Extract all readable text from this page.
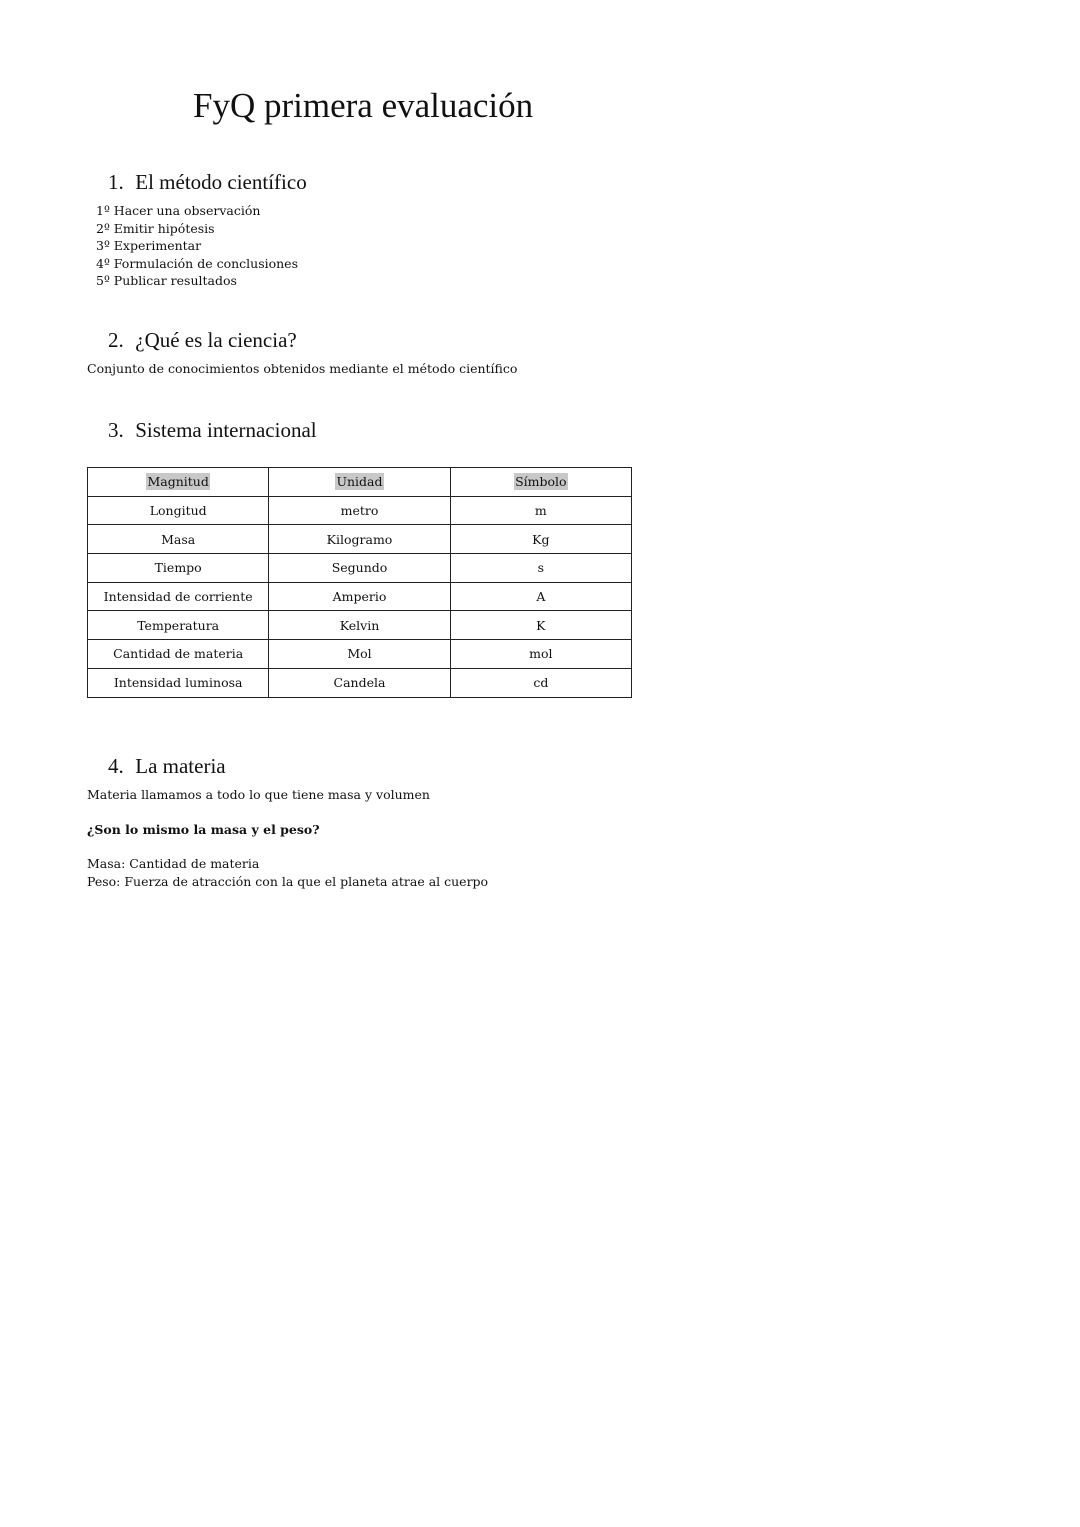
FyQ primera evaluación
1. El método científico
1º Hacer una observación
2º Emitir hipótesis
3º Experimentar
4º Formulación de conclusiones
5º Publicar resultados
2. ¿Qué es la ciencia?

Conjunto de conocimientos obtenidos mediante el método científico

3. Sistema internacional
Magnitud	Unidad	Símbolo
Longitud	metro	m
Masa	Kilogramo	Kg
Tiempo	Segundo	s
Intensidad de corriente	Amperio	A
Temperatura	Kelvin	K
Cantidad de materia	Mol	mol
Intensidad luminosa	Candela	cd
4. La materia

Materia llamamos a todo lo que tiene masa y volumen

¿Son lo mismo la masa y el peso?

Masa: Cantidad de materia

Peso: Fuerza de atracción con la que el planeta atrae al cuerpo
